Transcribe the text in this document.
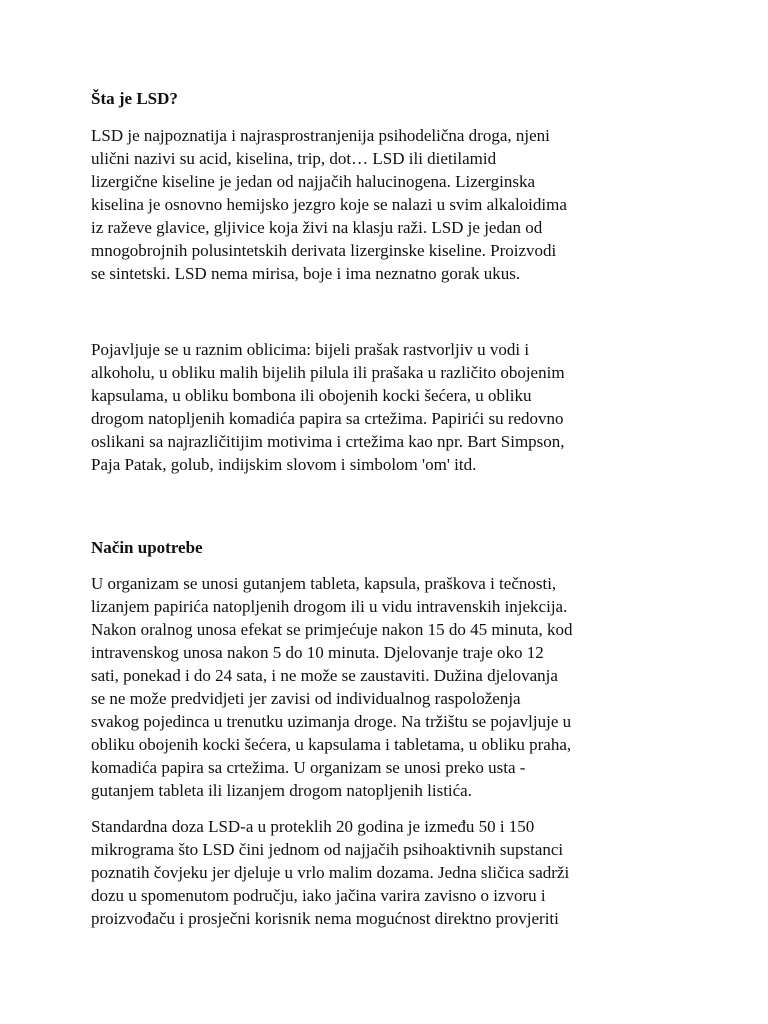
Šta je LSD?

LSD je najpoznatija i najrasprostranjenija psihodelična droga, njeni
ulični nazivi su acid, kiselina, trip, dot… LSD ili dietilamid
lizergične kiseline je jedan od najjačih halucinogena. Lizerginska
kiselina je osnovno hemijsko jezgro koje se nalazi u svim alkaloidima
iz raževe glavice, gljivice koja živi na klasju raži. LSD je jedan od
mnogobrojnih polusintetskih derivata lizerginske kiseline. Proizvodi
se sintetski. LSD nema mirisa, boje i ima neznatno gorak ukus.

Pojavljuje se u raznim oblicima: bijeli prašak rastvorljiv u vodi i
alkoholu, u obliku malih bijelih pilula ili prašaka u različito obojenim
kapsulama, u obliku bombona ili obojenih kocki šećera, u obliku
drogom natopljenih komadića papira sa crtežima. Papirići su redovno
oslikani sa najrazličitijim motivima i crtežima kao npr. Bart Simpson,
Paja Patak, golub, indijskim slovom i simbolom 'om' itd.

Način upotrebe

U organizam se unosi gutanjem tableta, kapsula, praškova i tečnosti,
lizanjem papirića natopljenih drogom ili u vidu intravenskih injekcija.
Nakon oralnog unosa efekat se primjećuje nakon 15 do 45 minuta, kod
intravenskog unosa nakon 5 do 10 minuta. Djelovanje traje oko 12
sati, ponekad i do 24 sata, i ne može se zaustaviti. Dužina djelovanja
se ne može predvidjeti jer zavisi od individualnog raspoloženja
svakog pojedinca u trenutku uzimanja droge. Na tržištu se pojavljuje u
obliku obojenih kocki šećera, u kapsulama i tabletama, u obliku praha,
komadića papira sa crtežima. U organizam se unosi preko usta -
gutanjem tableta ili lizanjem drogom natopljenih listića.

Standardna doza LSD-a u proteklih 20 godina je između 50 i 150
mikrograma što LSD čini jednom od najjačih psihoaktivnih supstanci
poznatih čovjeku jer djeluje u vrlo malim dozama. Jedna sličica sadrži
dozu u spomenutom području, iako jačina varira zavisno o izvoru i
proizvođaču i prosječni korisnik nema mogućnost direktno provjeriti
